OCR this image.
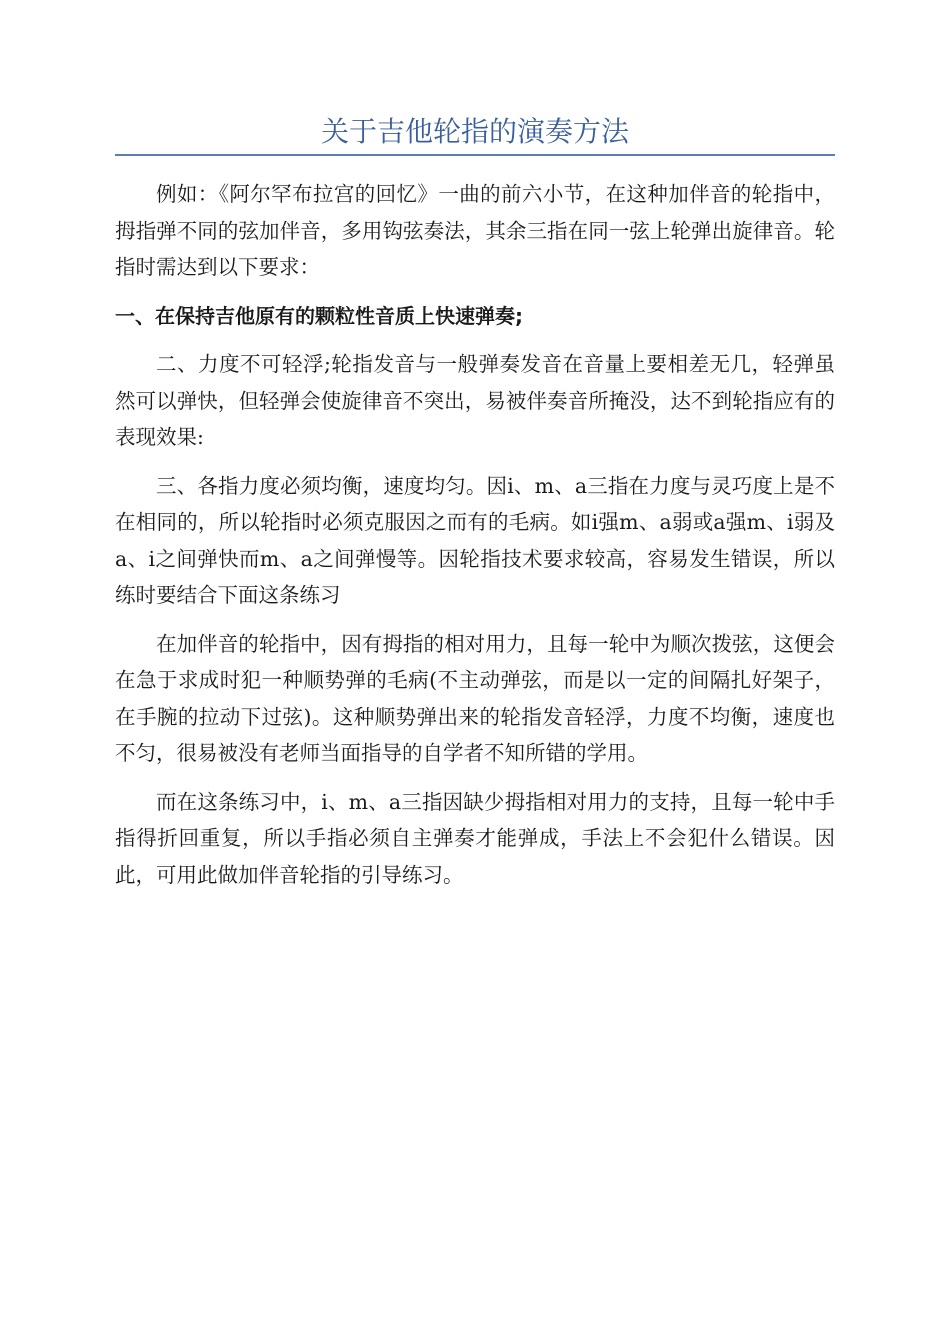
关于吉他轮指的演奏方法

例如：《阿尔罕布拉宫的回忆》一曲的前六小节，在这种加伴音的轮指中，拇指弹不同的弦加伴音，多用钩弦奏法，其余三指在同一弦上轮弹出旋律音。轮指时需达到以下要求：

一、在保持吉他原有的颗粒性音质上快速弹奏;

二、力度不可轻浮;轮指发音与一般弹奏发音在音量上要相差无几，轻弹虽然可以弹快，但轻弹会使旋律音不突出，易被伴奏音所掩没，达不到轮指应有的表现效果:

三、各指力度必须均衡，速度均匀。因i、m、a三指在力度与灵巧度上是不在相同的，所以轮指时必须克服因之而有的毛病。如i强m、a弱或a强m、i弱及a、i之间弹快而m、a之间弹慢等。因轮指技术要求较高，容易发生错误，所以练时要结合下面这条练习

在加伴音的轮指中，因有拇指的相对用力，且每一轮中为顺次拨弦，这便会在急于求成时犯一种顺势弹的毛病(不主动弹弦，而是以一定的间隔扎好架子，在手腕的拉动下过弦)。这种顺势弹出来的轮指发音轻浮，力度不均衡，速度也不匀，很易被没有老师当面指导的自学者不知所错的学用。

而在这条练习中，i、m、a三指因缺少拇指相对用力的支持，且每一轮中手指得折回重复，所以手指必须自主弹奏才能弹成，手法上不会犯什么错误。因此，可用此做加伴音轮指的引导练习。
